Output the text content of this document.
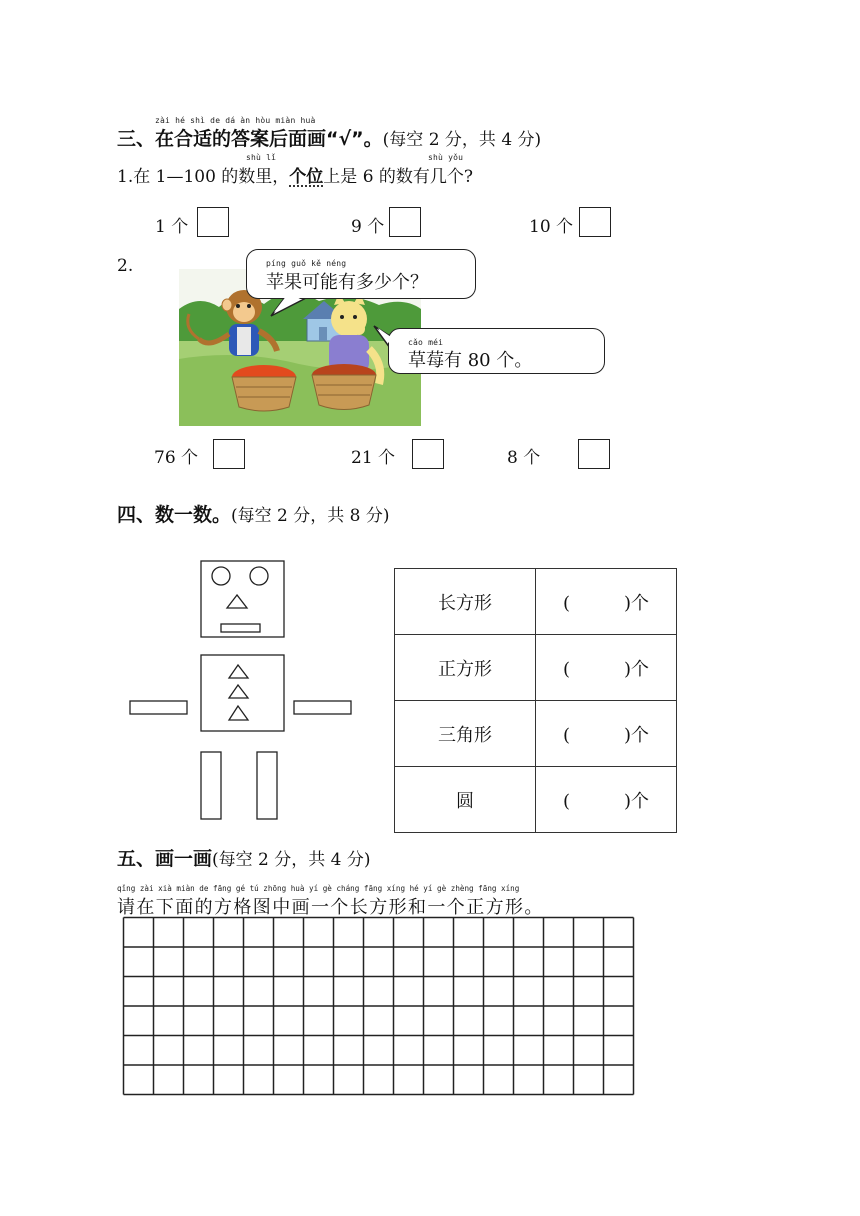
zài hé shì de dá àn hòu miàn huà
三、在合适的答案后面画“√”。(每空 2 分，共 4 分)
shù lǐ	shù yǒu
1.在 1—100 的数里，个位上是 6 的数有几个?
1 个	9 个	10 个
2.	píng guǒ kě néng
苹果可能有多少个？
cǎo méi
草莓有 80 个。
76 个	21 个	8 个
四、数一数。(每空 2 分，共 8 分)
长方形	(　　　)个
正方形	(　　　)个
三角形	(　　　)个
圆	(　　　)个
五、画一画(每空 2 分，共 4 分)
qǐng zài xià miàn de fāng gé tú zhōng huà yí gè cháng fāng xíng hé yí gè zhèng fāng xíng
请在下面的方格图中画一个长方形和一个正方形。
